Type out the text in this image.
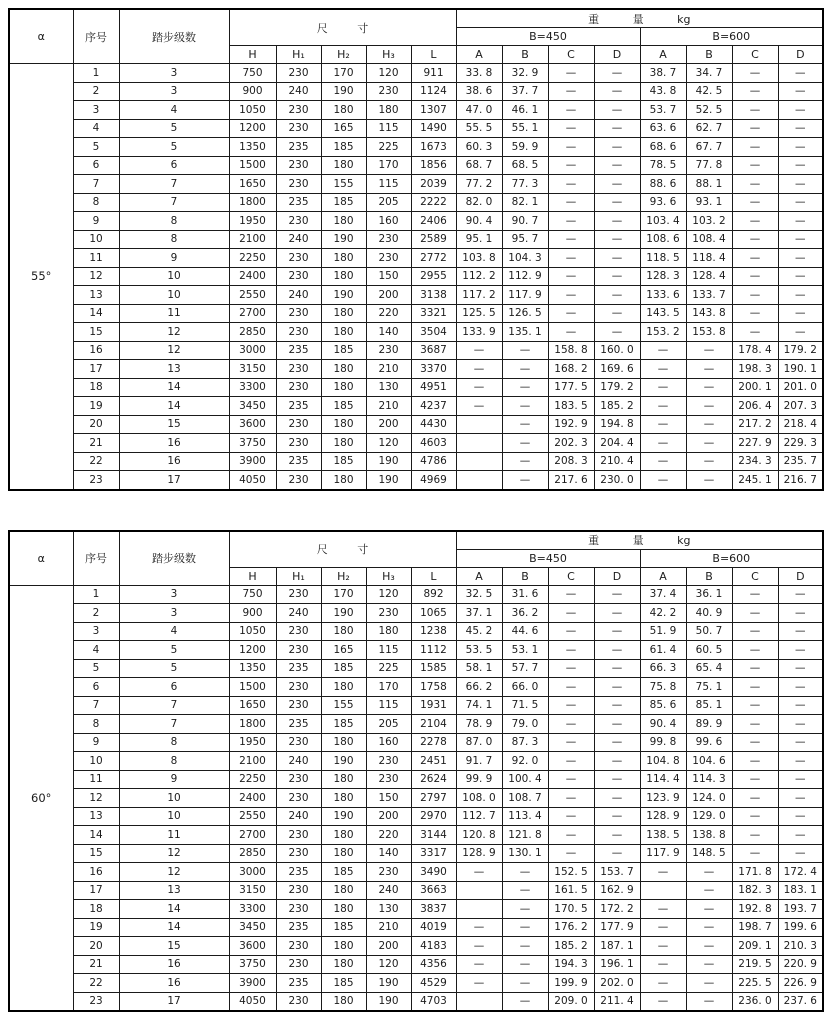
α	序号	踏步级数	尺 寸					重 量 kg							
								B=450				B=600			
			H	H₁	H₂	H₃	L	A	B	C	D	A	B	C	D
55°	1	3	750	230	170	120	911	33. 8	32. 9	—	—	38. 7	34. 7	—	—
	2	3	900	240	190	230	1124	38. 6	37. 7	—	—	43. 8	42. 5	—	—
	3	4	1050	230	180	180	1307	47. 0	46. 1	—	—	53. 7	52. 5	—	—
	4	5	1200	230	165	115	1490	55. 5	55. 1	—	—	63. 6	62. 7	—	—
	5	5	1350	235	185	225	1673	60. 3	59. 9	—	—	68. 6	67. 7	—	—
	6	6	1500	230	180	170	1856	68. 7	68. 5	—	—	78. 5	77. 8	—	—
	7	7	1650	230	155	115	2039	77. 2	77. 3	—	—	88. 6	88. 1	—	—
	8	7	1800	235	185	205	2222	82. 0	82. 1	—	—	93. 6	93. 1	—	—
	9	8	1950	230	180	160	2406	90. 4	90. 7	—	—	103. 4	103. 2	—	—
	10	8	2100	240	190	230	2589	95. 1	95. 7	—	—	108. 6	108. 4	—	—
	11	9	2250	230	180	230	2772	103. 8	104. 3	—	—	118. 5	118. 4	—	—
	12	10	2400	230	180	150	2955	112. 2	112. 9	—	—	128. 3	128. 4	—	—
	13	10	2550	240	190	200	3138	117. 2	117. 9	—	—	133. 6	133. 7	—	—
	14	11	2700	230	180	220	3321	125. 5	126. 5	—	—	143. 5	143. 8	—	—
	15	12	2850	230	180	140	3504	133. 9	135. 1	—	—	153. 2	153. 8	—	—
	16	12	3000	235	185	230	3687	—	—	158. 8	160. 0	—	—	178. 4	179. 2
	17	13	3150	230	180	210	3370	—	—	168. 2	169. 6	—	—	198. 3	190. 1
	18	14	3300	230	180	130	4951	—	—	177. 5	179. 2	—	—	200. 1	201. 0
	19	14	3450	235	185	210	4237	—	—	183. 5	185. 2	—	—	206. 4	207. 3
	20	15	3600	230	180	200	4430		—	192. 9	194. 8	—	—	217. 2	218. 4
	21	16	3750	230	180	120	4603		—	202. 3	204. 4	—	—	227. 9	229. 3
	22	16	3900	235	185	190	4786		—	208. 3	210. 4	—	—	234. 3	235. 7
	23	17	4050	230	180	190	4969		—	217. 6	230. 0	—	—	245. 1	216. 7
α	序号	踏步级数	尺 寸					重 量 kg							
								B=450				B=600			
			H	H₁	H₂	H₃	L	A	B	C	D	A	B	C	D
60°	1	3	750	230	170	120	892	32. 5	31. 6	—	—	37. 4	36. 1	—	—
	2	3	900	240	190	230	1065	37. 1	36. 2	—	—	42. 2	40. 9	—	—
	3	4	1050	230	180	180	1238	45. 2	44. 6	—	—	51. 9	50. 7	—	—
	4	5	1200	230	165	115	1112	53. 5	53. 1	—	—	61. 4	60. 5	—	—
	5	5	1350	235	185	225	1585	58. 1	57. 7	—	—	66. 3	65. 4	—	—
	6	6	1500	230	180	170	1758	66. 2	66. 0	—	—	75. 8	75. 1	—	—
	7	7	1650	230	155	115	1931	74. 1	71. 5	—	—	85. 6	85. 1	—	—
	8	7	1800	235	185	205	2104	78. 9	79. 0	—	—	90. 4	89. 9	—	—
	9	8	1950	230	180	160	2278	87. 0	87. 3	—	—	99. 8	99. 6	—	—
	10	8	2100	240	190	230	2451	91. 7	92. 0	—	—	104. 8	104. 6	—	—
	11	9	2250	230	180	230	2624	99. 9	100. 4	—	—	114. 4	114. 3	—	—
	12	10	2400	230	180	150	2797	108. 0	108. 7	—	—	123. 9	124. 0	—	—
	13	10	2550	240	190	200	2970	112. 7	113. 4	—	—	128. 9	129. 0	—	—
	14	11	2700	230	180	220	3144	120. 8	121. 8	—	—	138. 5	138. 8	—	—
	15	12	2850	230	180	140	3317	128. 9	130. 1	—	—	117. 9	148. 5	—	—
	16	12	3000	235	185	230	3490	—	—	152. 5	153. 7	—	—	171. 8	172. 4
	17	13	3150	230	180	240	3663		—	161. 5	162. 9		—	182. 3	183. 1
	18	14	3300	230	180	130	3837		—	170. 5	172. 2	—	—	192. 8	193. 7
	19	14	3450	235	185	210	4019	—	—	176. 2	177. 9	—	—	198. 7	199. 6
	20	15	3600	230	180	200	4183	—	—	185. 2	187. 1	—	—	209. 1	210. 3
	21	16	3750	230	180	120	4356	—	—	194. 3	196. 1	—	—	219. 5	220. 9
	22	16	3900	235	185	190	4529	—	—	199. 9	202. 0	—	—	225. 5	226. 9
	23	17	4050	230	180	190	4703		—	209. 0	211. 4	—	—	236. 0	237. 6
